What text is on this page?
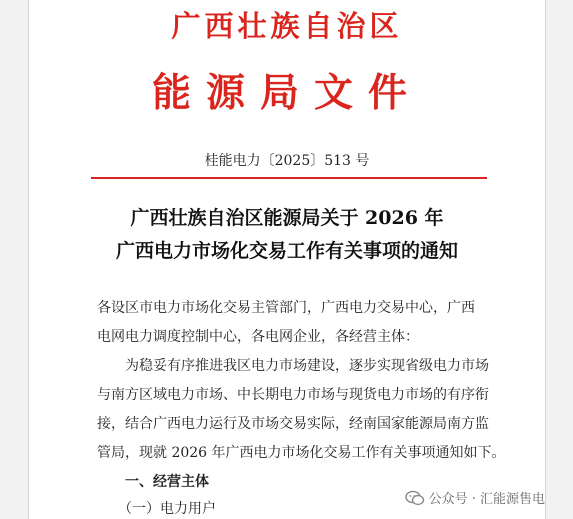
广西壮族自治区
能源局文件
桂能电力〔2025〕513 号
广西壮族自治区能源局关于 2026 年
广西电力市场化交易工作有关事项的通知
各设区市电力市场化交易主管部门，广西电力交易中心，广西
电网电力调度控制中心，各电网企业，各经营主体：
　　为稳妥有序推进我区电力市场建设，逐步实现省级电力市场
与南方区域电力市场、中长期电力市场与现货电力市场的有序衔
接，结合广西电力运行及市场交易实际，经南国家能源局南方监
管局，现就 2026 年广西电力市场化交易工作有关事项通知如下。
　　一、经营主体
　　（一）电力用户
公众号 · 汇能源售电
